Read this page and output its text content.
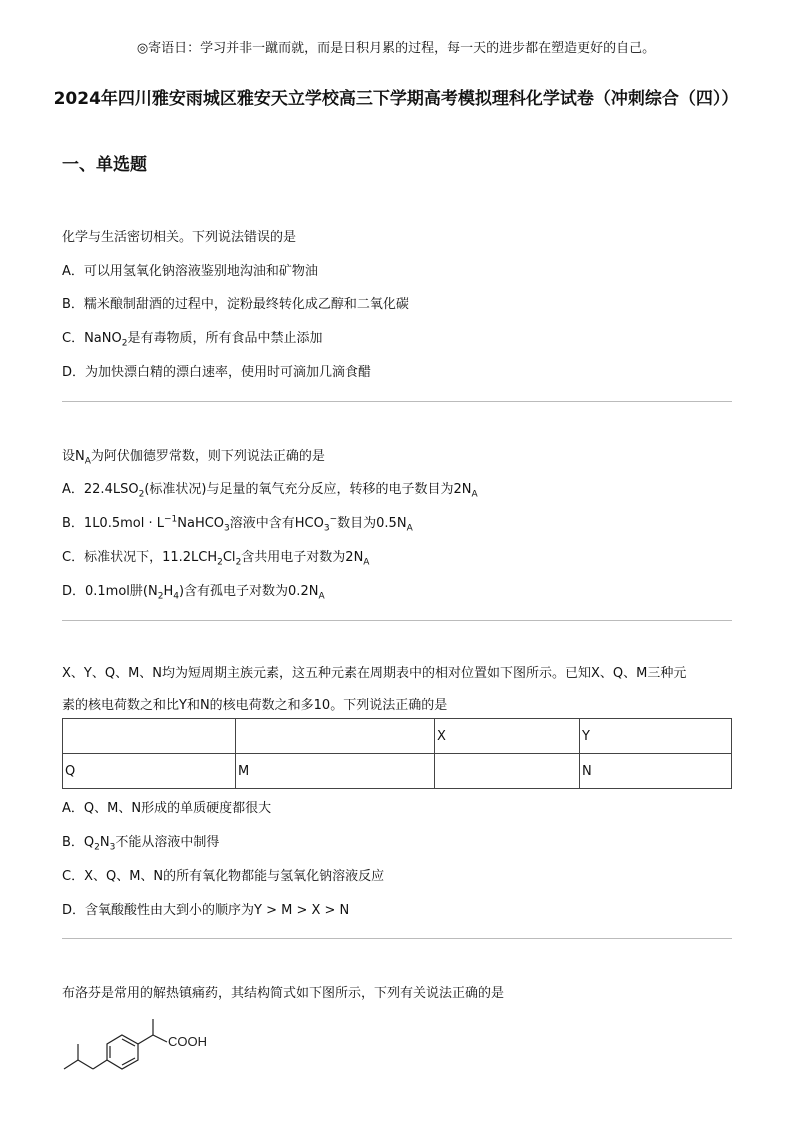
◎寄语日：学习并非一蹴而就，而是日积月累的过程，每一天的进步都在塑造更好的自己。
2024年四川雅安雨城区雅安天立学校高三下学期高考模拟理科化学试卷（冲刺综合（四））
一、单选题
化学与生活密切相关。下列说法错误的是
A．可以用氢氧化钠溶液鉴别地沟油和矿物油
B．糯米酿制甜酒的过程中，淀粉最终转化成乙醇和二氧化碳
C．NaNO$_2$是有毒物质，所有食品中禁止添加
D．为加快漂白精的漂白速率，使用时可滴加几滴食醋
设$N_A$为阿伏伽德罗常数，则下列说法正确的是
A．$22.4LSO_2$(标准状况)与足量的氧气充分反应，转移的电子数目为$2N_A$
B．$1L0.5mol \cdot L^{-1}NaHCO_3$溶液中含有$HCO_3^-$数目为$0.5N_A$
C．标准状况下，$11.2LCH_2Cl_2$含共用电子对数为$2N_A$
D．0.1mol肼$(N_2H_4)$含有孤电子对数为$0.2N_A$
X、Y、Q、M、N均为短周期主族元素，这五种元素在周期表中的相对位置如下图所示。已知X、Q、M三种元
素的核电荷数之和比Y和N的核电荷数之和多10。下列说法正确的是
		X	Y
Q	M		N
A．Q、M、N形成的单质硬度都很大
B．$Q_2N_3$不能从溶液中制得
C．X、Q、M、N的所有氧化物都能与氢氧化钠溶液反应
D．含氧酸酸性由大到小的顺序为Y > M > X > N
布洛芬是常用的解热镇痛药，其结构简式如下图所示，下列有关说法正确的是
COOH
